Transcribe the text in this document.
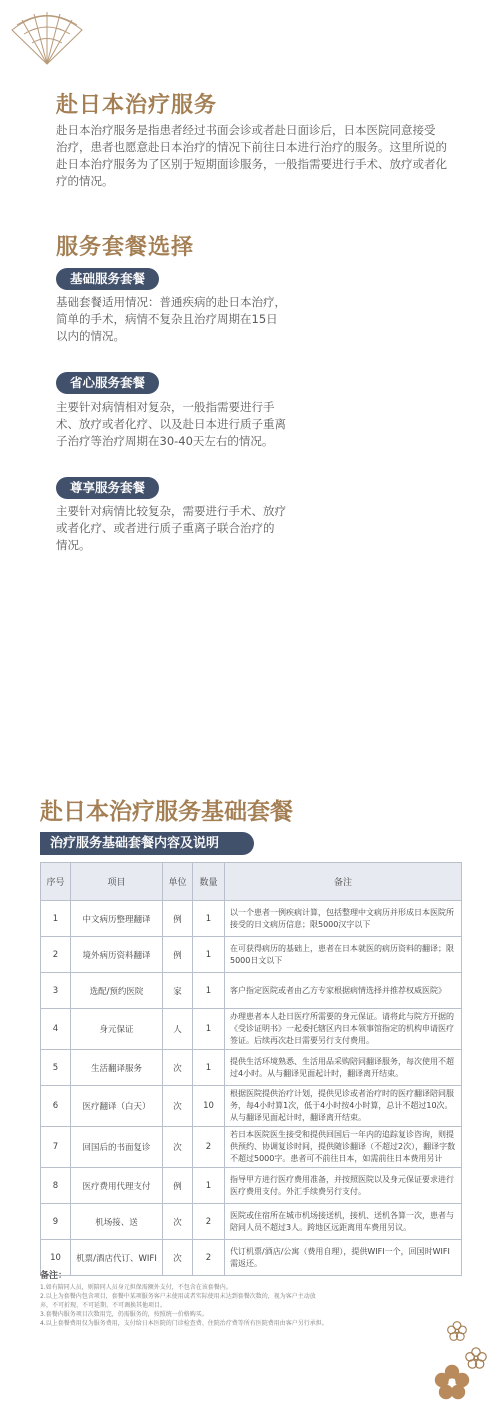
赴日本治疗服务
赴日本治疗服务是指患者经过书面会诊或者赴日面诊后，日本医院同意接受
治疗，患者也愿意赴日本治疗的情况下前往日本进行治疗的服务。这里所说的
赴日本治疗服务为了区别于短期面诊服务，一般指需要进行手术、放疗或者化
疗的情况。
服务套餐选择
基础服务套餐
基础套餐适用情况：普通疾病的赴日本治疗，
简单的手术，病情不复杂且治疗周期在15日
以内的情况。
省心服务套餐
主要针对病情相对复杂，一般指需要进行手
术、放疗或者化疗、以及赴日本进行质子重离
子治疗等治疗周期在30-40天左右的情况。
尊享服务套餐
主要针对病情比较复杂，需要进行手术、放疗
或者化疗、或者进行质子重离子联合治疗的
情况。
赴日本治疗服务基础套餐
治疗服务基础套餐内容及说明
序号	项目	单位	数量	备注
1	中文病历整理翻译	例	1	以一个患者一例疾病计算，包括整理中文病历并形成日本医院所接受的日文病历信息；限5000汉字以下
2	境外病历资料翻译	例	1	在可获得病历的基础上，患者在日本就医的病历资料的翻译；限5000日文以下
3	选配/预约医院	家	1	客户指定医院或者由乙方专家根据病情选择并推荐权威医院》
4	身元保证	人	1	办理患者本人赴日医疗所需要的身元保证。请将此与院方开据的《受诊证明书》一起委托辖区内日本领事馆指定的机构申请医疗签证。后续再次赴日需要另行支付费用。
5	生活翻译服务	次	1	提供生活环境熟悉、生活用品采购陪同翻译服务，每次使用不超过4小时。从与翻译见面起计时，翻译离开结束。
6	医疗翻译（白天）	次	10	根据医院提供治疗计划，提供见诊或者治疗时的医疗翻译陪同服务，每4小时算1次，低于4小时按4小时算，总计不超过10次。从与翻译见面起计时，翻译离开结束。
7	回国后的书面复诊	次	2	若日本医院医生接受和提供回国后一年内的追踪复诊咨询，则提供预约、协调复诊时间，提供随诊翻译（不超过2次），翻译字数不超过5000字。患者可不前往日本，如需前往日本费用另计
8	医疗费用代理支付	例	1	指导甲方进行医疗费用准备，并按照医院以及身元保证要求进行医疗费用支付。外汇手续费另行支付。
9	机场接、送	次	2	医院或住宿所在城市机场接送机，接机、送机各算一次，患者与陪同人员不超过3人。跨地区远距离用车费用另议。
10	机票/酒店代订、WIFI	次	2	代订机票/酒店/公寓（费用自理），提供WIFI一个，回国时WIFI需返还。
备注：
1.如有陪同人员，则陪同人员身元担保需额外支付，不包含在该套餐内。
2.以上为套餐内包含项目，套餐中某项服务客户未使用或者实际使用未达到套餐次数的，视为客户主动放
弃，不可折现、不可延期、不可调换其他项目。
3.套餐内服务项目次数用完，仍需服务的，按照统一价格购买。
4.以上套餐费用仅为服务费用，支付给日本医院的门诊检查费、住院治疗费等所有医院费用由客户另行承担。
